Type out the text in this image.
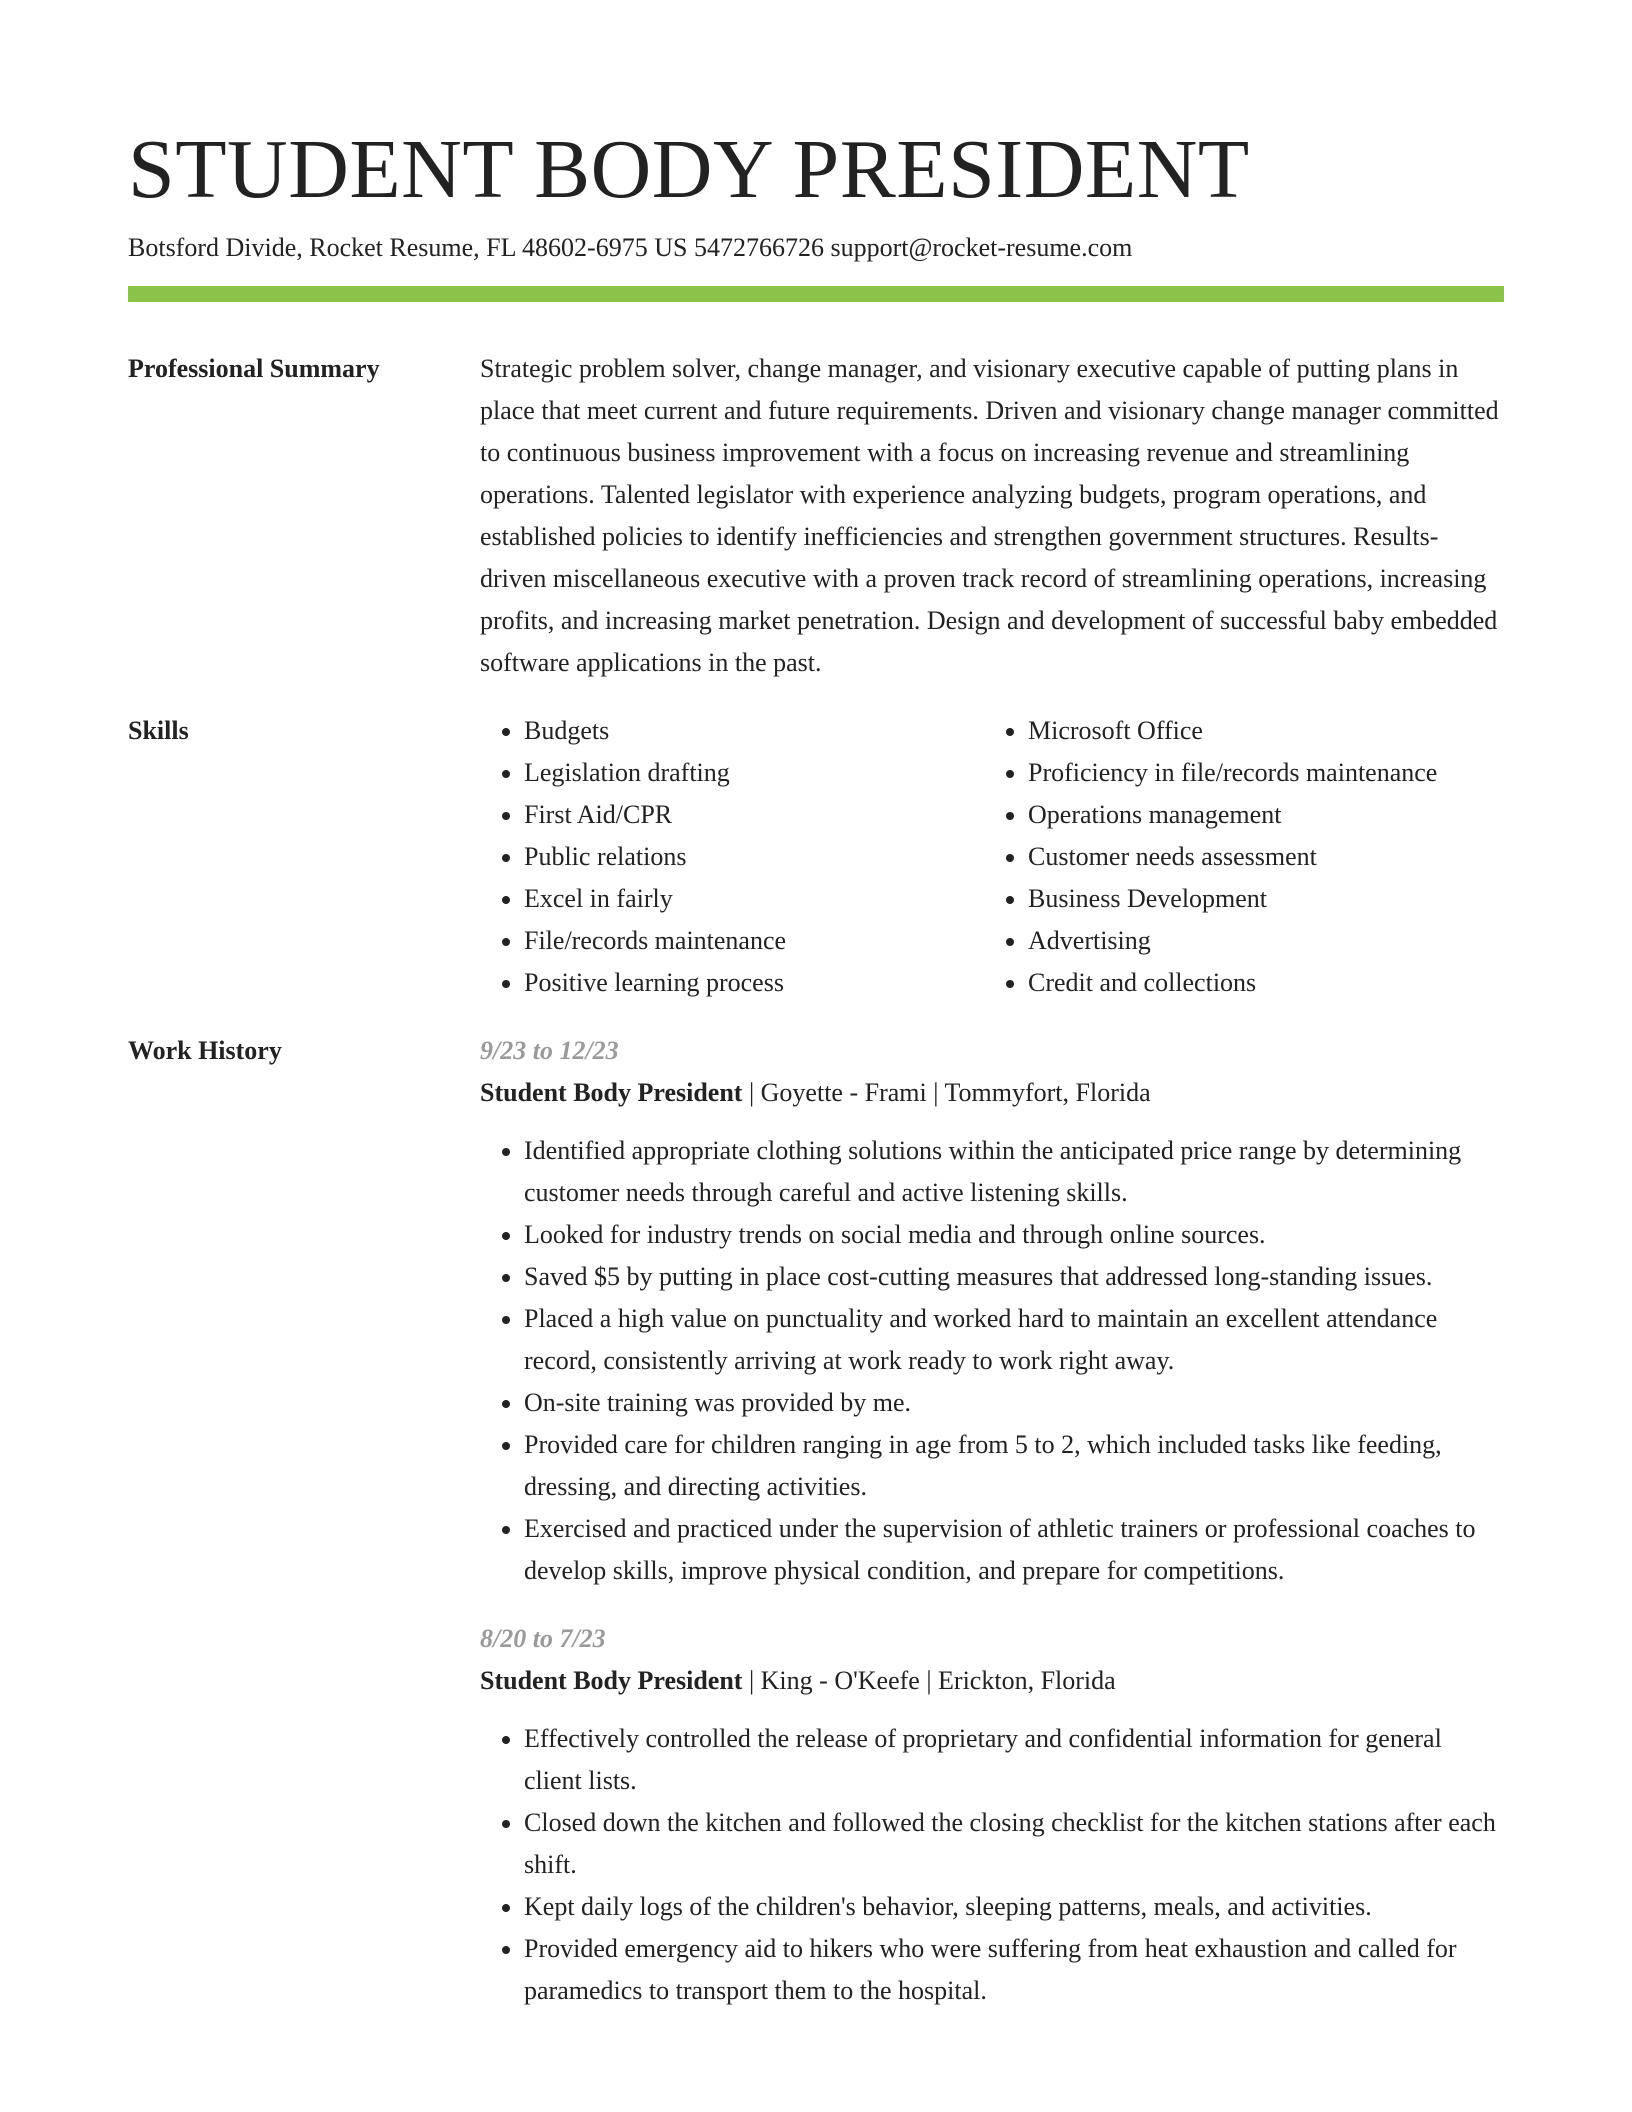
STUDENT BODY PRESIDENT
Botsford Divide, Rocket Resume, FL 48602-6975 US 5472766726 support@rocket-resume.com
Professional Summary	Strategic problem solver, change manager, and visionary executive capable of putting plans in place that meet current and future requirements. Driven and visionary change manager committed to continuous business improvement with a focus on increasing revenue and streamlining operations. Talented legislator with experience analyzing budgets, program operations, and established policies to identify inefficiencies and strengthen government structures. Results-driven miscellaneous executive with a proven track record of streamlining operations, increasing profits, and increasing market penetration. Design and development of successful baby embedded software applications in the past.

Skills
•	Budgets
• Legislation drafting
• First Aid/CPR
• Public relations
• Excel in fairly
• File/records maintenance
• Positive learning process
• Microsoft Office
• Proficiency in file/records maintenance
• Operations management
• Customer needs assessment
• Business Development
• Advertising
• Credit and collections
Work History	9/23 to 12/23
Student Body President | Goyette - Frami | Tommyfort, Florida
• Identified appropriate clothing solutions within the anticipated price range by determining customer needs through careful and active listening skills.
• Looked for industry trends on social media and through online sources.
• Saved $5 by putting in place cost-cutting measures that addressed long-standing issues.
• Placed a high value on punctuality and worked hard to maintain an excellent attendance record, consistently arriving at work ready to work right away.
• On-site training was provided by me.
• Provided care for children ranging in age from 5 to 2, which included tasks like feeding, dressing, and directing activities.
• Exercised and practiced under the supervision of athletic trainers or professional coaches to develop skills, improve physical condition, and prepare for competitions.
8/20 to 7/23
Student Body President | King - O'Keefe | Erickton, Florida
• Effectively controlled the release of proprietary and confidential information for general client lists.
• Closed down the kitchen and followed the closing checklist for the kitchen stations after each shift.
• Kept daily logs of the children's behavior, sleeping patterns, meals, and activities.
• Provided emergency aid to hikers who were suffering from heat exhaustion and called for paramedics to transport them to the hospital.
